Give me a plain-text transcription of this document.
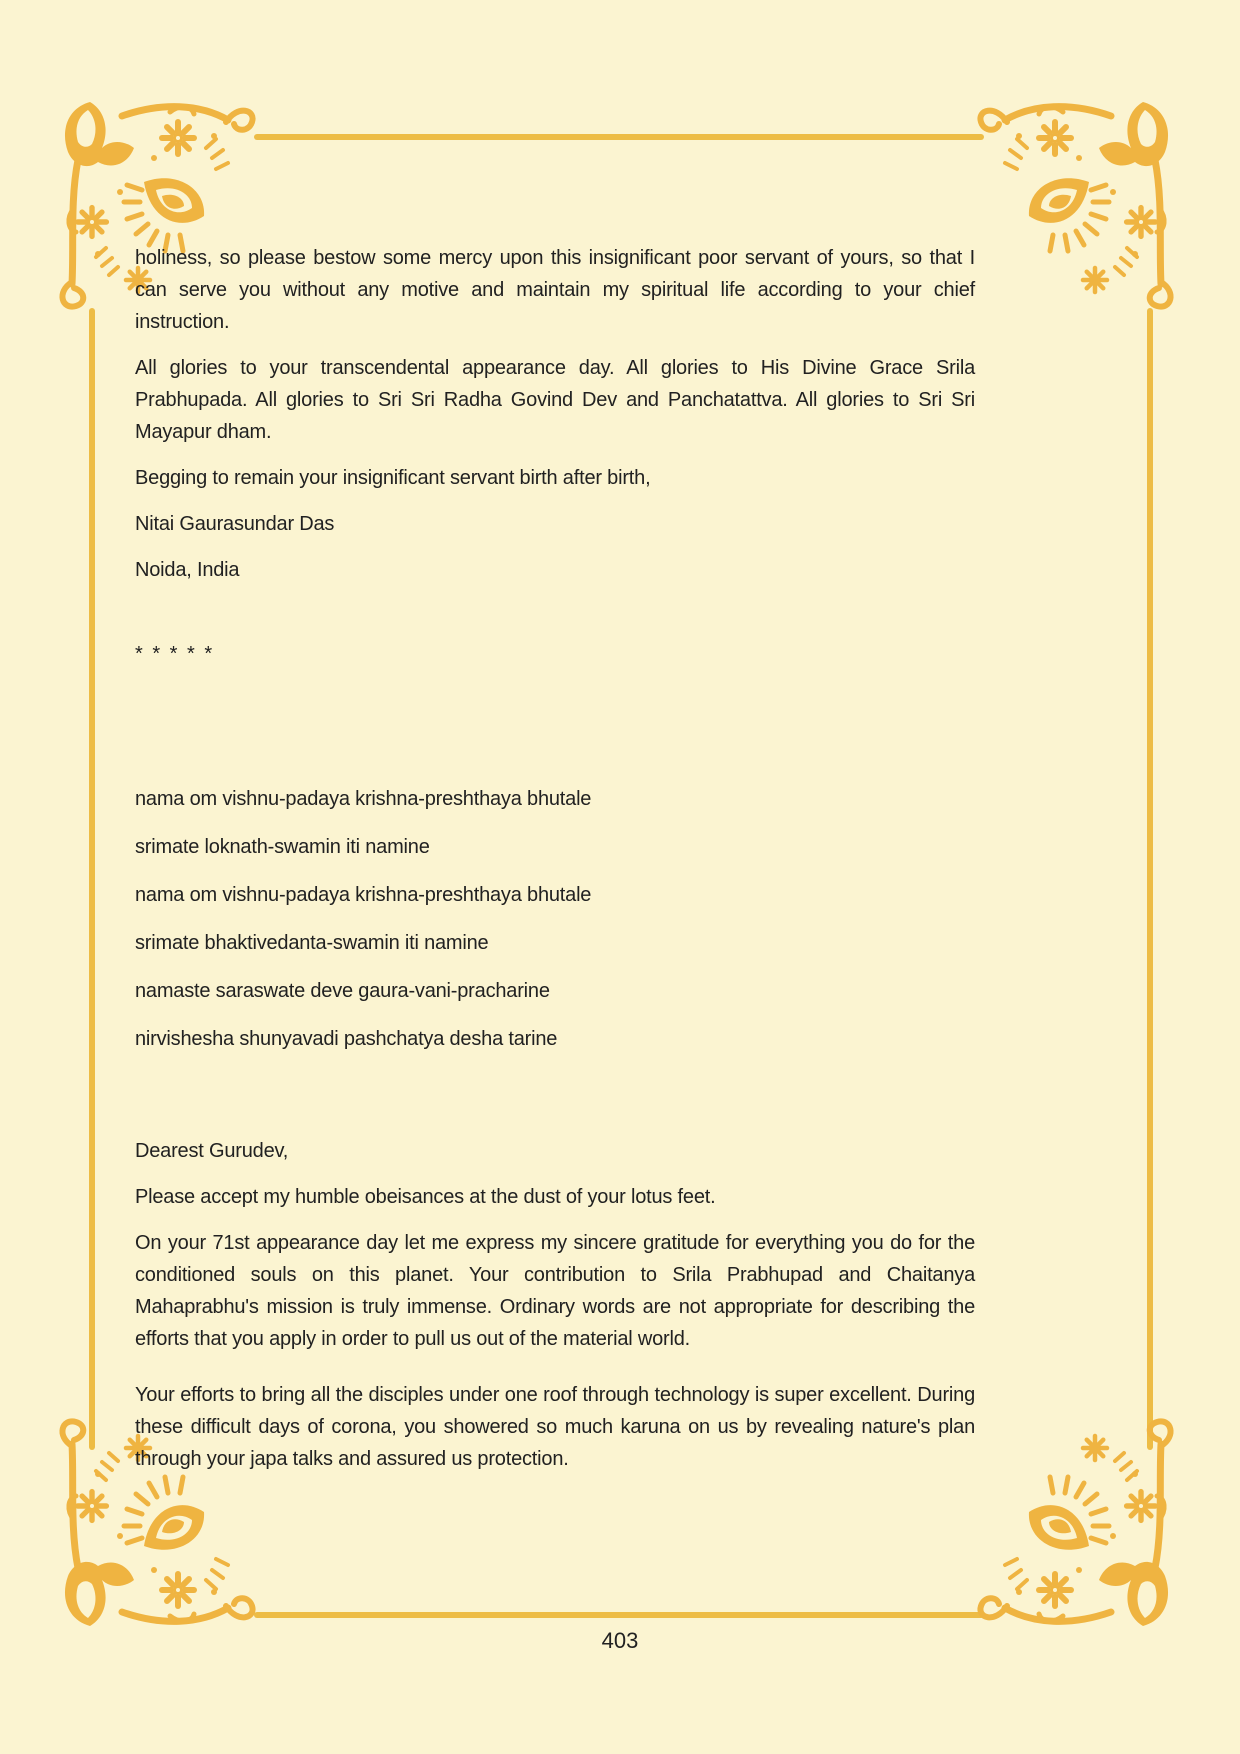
holiness, so please bestow some mercy upon this insignificant poor servant of yours, so that I can serve you without any motive and maintain my spiritual life according to your chief instruction.

All glories to your transcendental appearance day. All glories to His Divine Grace Srila Prabhupada. All glories to Sri Sri Radha Govind Dev and Panchatattva. All glories to Sri Sri Mayapur dham.

Begging to remain your insignificant servant birth after birth,

Nitai Gaurasundar Das

Noida, India

* * * * *

nama om vishnu-padaya krishna-preshthaya bhutale

srimate loknath-swamin iti namine

nama om vishnu-padaya krishna-preshthaya bhutale

srimate bhaktivedanta-swamin iti namine

namaste saraswate deve gaura-vani-pracharine

nirvishesha shunyavadi pashchatya desha tarine

Dearest Gurudev,

Please accept my humble obeisances at the dust of your lotus feet.

On your 71st appearance day let me express my sincere gratitude for everything you do for the conditioned souls on this planet. Your contribution to Srila Prabhupad and Chaitanya Mahaprabhu's mission is truly immense. Ordinary words are not appropriate for describing the efforts that you apply in order to pull us out of the material world.

Your efforts to bring all the disciples under one roof through technology is super excellent. During these difficult days of corona, you showered so much karuna on us by revealing nature's plan through your japa talks and assured us protection.

403
